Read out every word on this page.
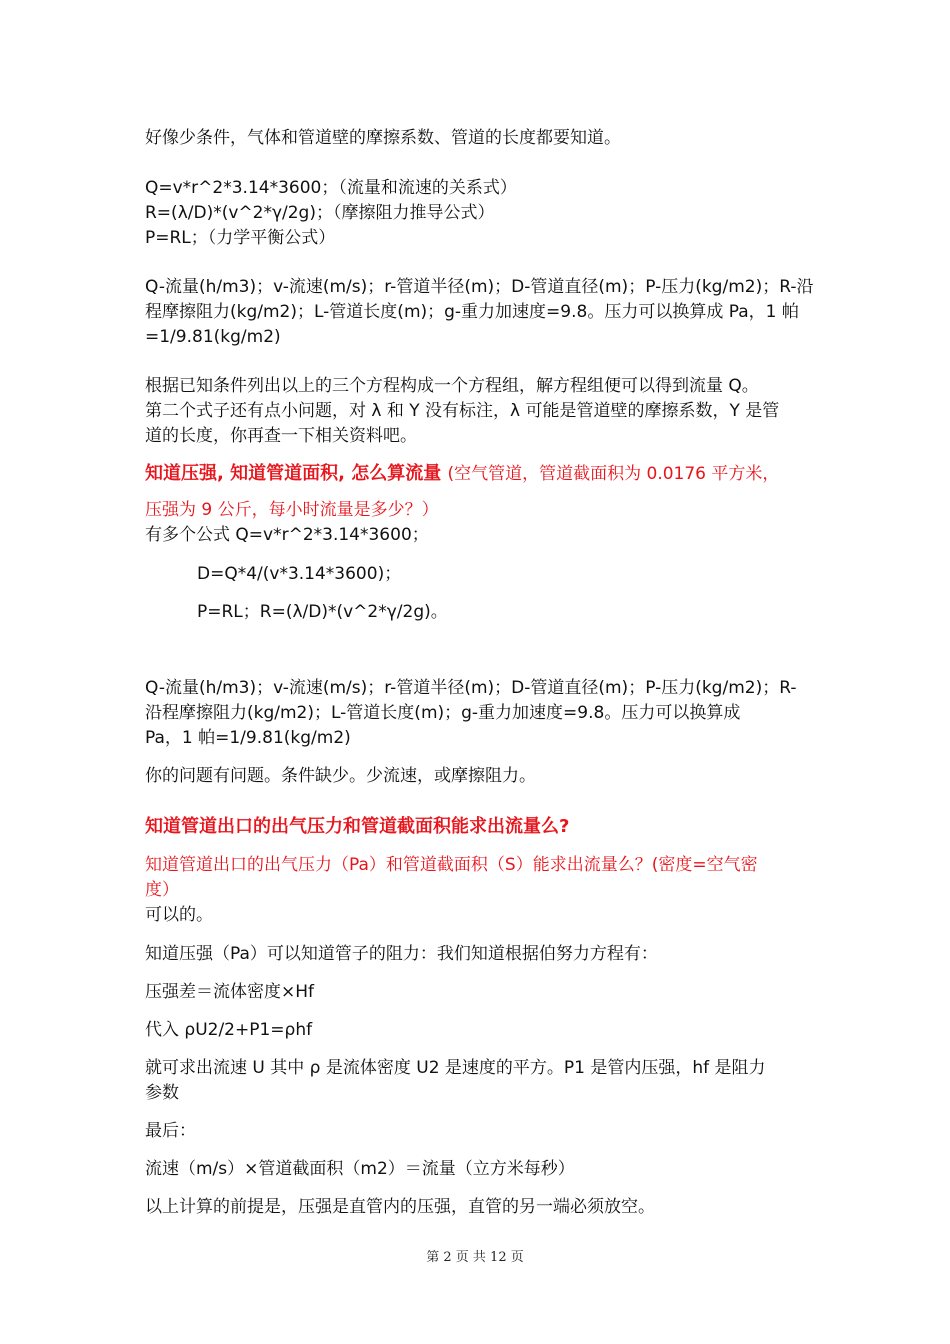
好像少条件，气体和管道壁的摩擦系数、管道的长度都要知道。
Q=v*r^2*3.14*3600；（流量和流速的关系式）
R=(λ/D)*(v^2*γ/2g)；（摩擦阻力推导公式）
P=RL；（力学平衡公式）
Q-流量(h/m3)；v-流速(m/s)；r-管道半径(m)；D-管道直径(m)；P-压力(kg/m2)；R-沿
程摩擦阻力(kg/m2)；L-管道长度(m)；g-重力加速度=9.8。压力可以换算成 Pa，1 帕
=1/9.81(kg/m2)
根据已知条件列出以上的三个方程构成一个方程组，解方程组便可以得到流量 Q。
第二个式子还有点小问题，对 λ 和 Y 没有标注，λ 可能是管道壁的摩擦系数，Y 是管
道的长度，你再查一下相关资料吧。
知道压强, 知道管道面积, 怎么算流量 (空气管道，管道截面积为 0.0176 平方米，
压强为 9 公斤，每小时流量是多少？）
有多个公式 Q=v*r^2*3.14*3600；
D=Q*4/(v*3.14*3600)；
P=RL；R=(λ/D)*(v^2*γ/2g)。
Q-流量(h/m3)；v-流速(m/s)；r-管道半径(m)；D-管道直径(m)；P-压力(kg/m2)；R-
沿程摩擦阻力(kg/m2)；L-管道长度(m)；g-重力加速度=9.8。压力可以换算成
Pa，1 帕=1/9.81(kg/m2)
你的问题有问题。条件缺少。少流速，或摩擦阻力。
知道管道出口的出气压力和管道截面积能求出流量么?
知道管道出口的出气压力（Pa）和管道截面积（S）能求出流量么？(密度=空气密
度）
可以的。
知道压强（Pa）可以知道管子的阻力：我们知道根据伯努力方程有：
压强差＝流体密度×Hf
代入 ρU2/2+P1=ρhf
就可求出流速 U 其中 ρ 是流体密度 U2 是速度的平方。P1 是管内压强，hf 是阻力
参数
最后：
流速（m/s）×管道截面积（m2）＝流量（立方米每秒）
以上计算的前提是，压强是直管内的压强，直管的另一端必须放空。
第 2 页 共 12 页
